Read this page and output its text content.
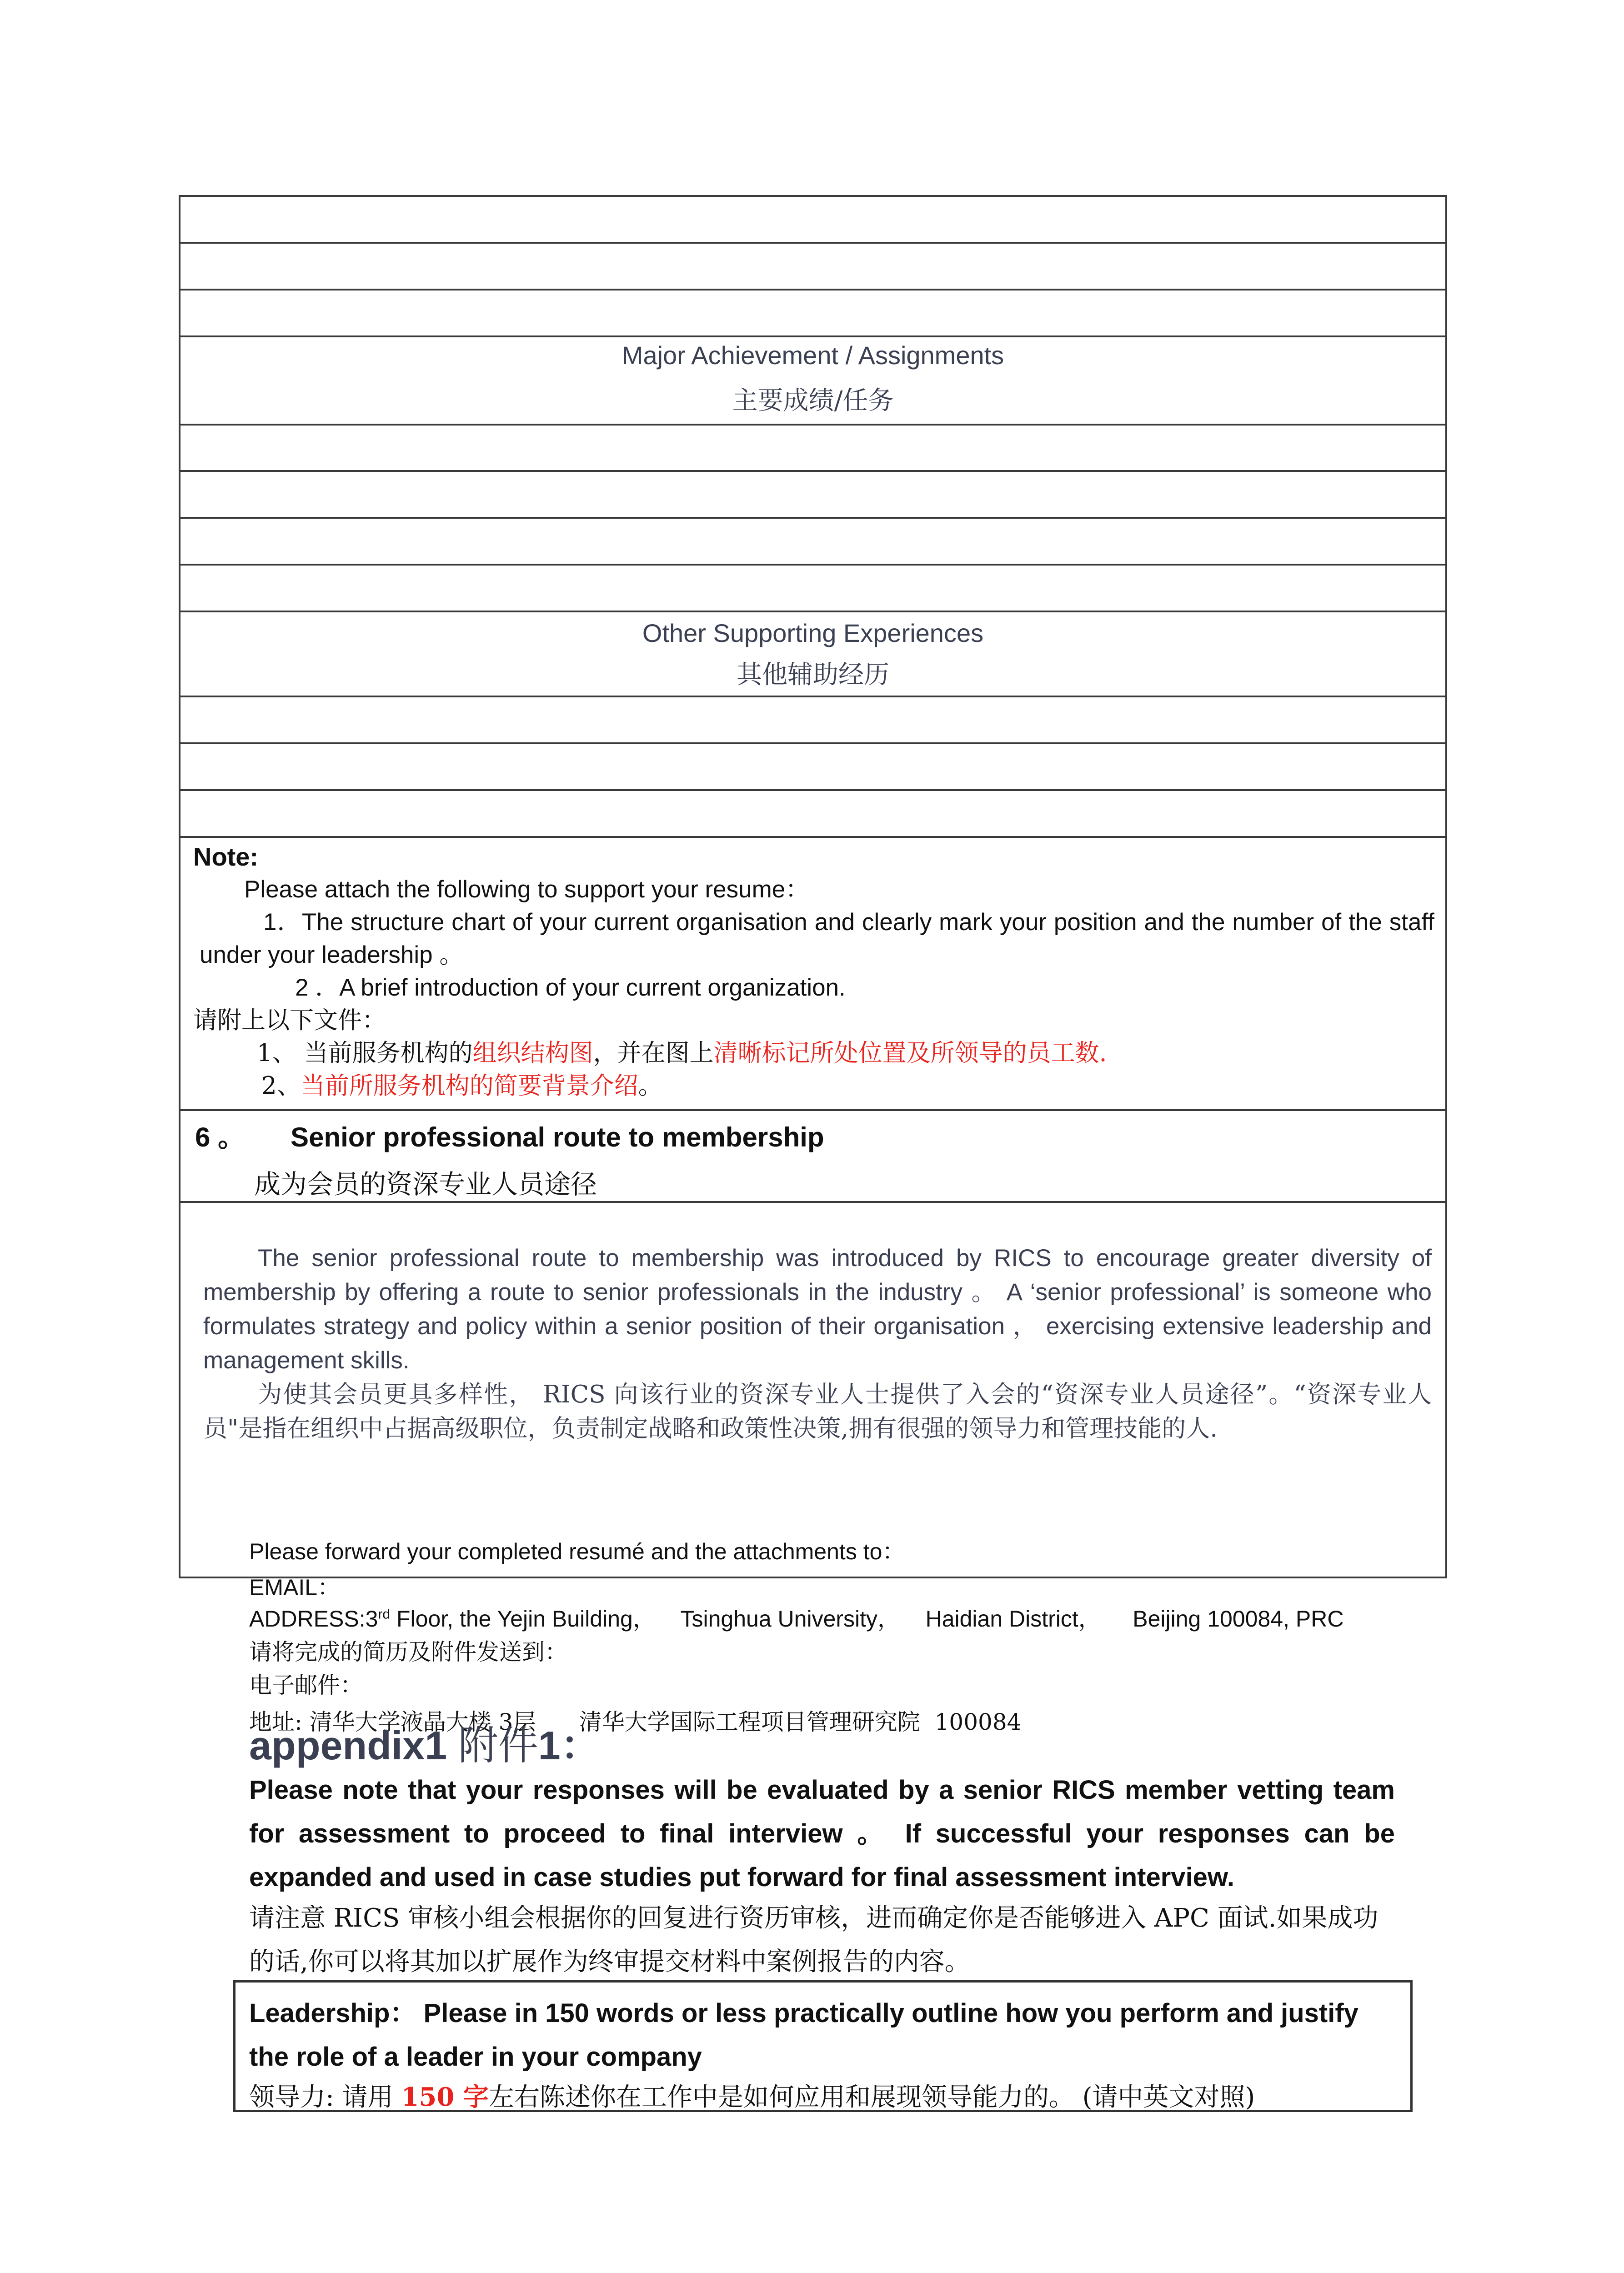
Major Achievement / Assignments
主要成绩/任务

Other Supporting Experiences
其他辅助经历

Note:
Please attach the following to support your resume：
1．The structure chart of your current organisation and clearly mark your position and the number of the staff under your leadership 。
2 ．A brief introduction of your current organization.
请附上以下文件：
1、 当前服务机构的组织结构图，并在图上清晰标记所处位置及所领导的员工数.
2、当前所服务机构的简要背景介绍。

6 。      Senior professional route to membership
成为会员的资深专业人员途径

The senior professional route to membership was introduced by RICS to encourage greater diversity of membership by offering a route to senior professionals in the industry 。 A ‘senior professional’ is someone who formulates strategy and policy within a senior position of their organisation ， exercising extensive leadership and management skills.
为使其会员更具多样性， RICS 向该行业的资深专业人士提供了入会的“资深专业人员途径”。“资深专业人员"是指在组织中占据高级职位，负责制定战略和政策性决策,拥有很强的领导力和管理技能的人.
Please forward your completed resumé and the attachments to：
EMAIL：
ADDRESS:3rd Floor, the Yejin Building，    Tsinghua University，    Haidian District，     Beijing 100084, PRC
请将完成的简历及附件发送到：
电子邮件：
地址: 清华大学液晶大楼 3层      清华大学国际工程项目管理研究院  100084
appendix1 附件1：
Please note that your responses will be evaluated by a senior RICS member vetting team for assessment to proceed to final interview 。 If successful your responses can be expanded and used in case studies put forward for final assessment interview.
请注意 RICS 审核小组会根据你的回复进行资历审核，进而确定你是否能够进入 APC 面试.如果成功的话,你可以将其加以扩展作为终审提交材料中案例报告的内容。
Leadership： Please in 150 words or less practically outline how you perform and justify the role of a leader in your company
领导力: 请用 150 字左右陈述你在工作中是如何应用和展现领导能力的。 (请中英文对照)
